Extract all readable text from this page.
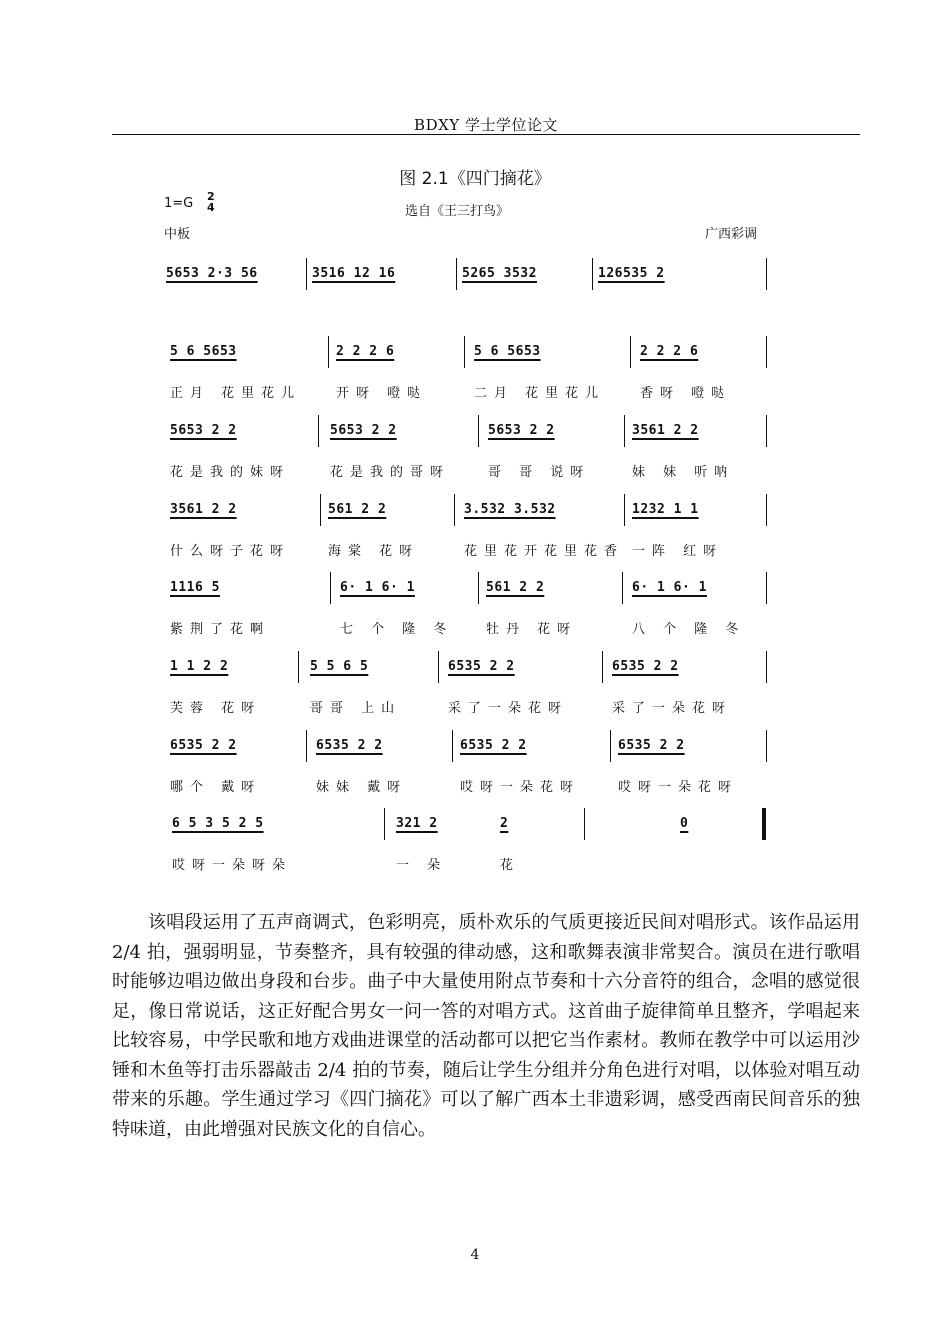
BDXY 学士学位论文
图 2.1《四门摘花》
1=G 2
4	选自《王三打鸟》
中板	广西彩调
5653 2·3 56	3516 12 16	5265 3532	126535 2
5 6 5653
正月 花里花儿
2 2 2 6
开呀 噔哒
5 6 5653
二月 花里花儿
2 2 2 6
香呀 噔哒
5653 2 2
花是我的妹呀
5653 2 2
花是我的哥呀
5653 2 2
哥 哥 说呀
3561 2 2
妹 妹 听呐
3561 2 2
什么呀子花呀
561 2 2
海棠 花呀
3.532 3.532
花里花开花里花香
1232 1 1
一阵 红呀
1116 5
紫荆了花啊
6· 1 6· 1
七 个 隆 冬
561 2 2
牡丹 花呀
6· 1 6· 1
八 个 隆 冬
1 1 2 2
芙蓉 花呀
5 5 6 5
哥哥 上山
6535 2 2
采了一朵花呀
6535 2 2
采了一朵花呀
6535 2 2
哪个 戴呀
6535 2 2
妹妹 戴呀
6535 2 2
哎呀一朵花呀
6535 2 2
哎呀一朵花呀
6 5 3 5 2 5
哎呀一朵呀朵
321 2
一 朵
2
花
0

该唱段运用了五声商调式，色彩明亮，质朴欢乐的气质更接近民间对唱形式。该作品运用 2/4 拍，强弱明显，节奏整齐，具有较强的律动感，这和歌舞表演非常契合。演员在进行歌唱时能够边唱边做出身段和台步。曲子中大量使用附点节奏和十六分音符的组合，念唱的感觉很足，像日常说话，这正好配合男女一问一答的对唱方式。这首曲子旋律简单且整齐，学唱起来比较容易，中学民歌和地方戏曲进课堂的活动都可以把它当作素材。教师在教学中可以运用沙锤和木鱼等打击乐器敲击 2/4 拍的节奏，随后让学生分组并分角色进行对唱，以体验对唱互动带来的乐趣。学生通过学习《四门摘花》可以了解广西本土非遗彩调，感受西南民间音乐的独特味道，由此增强对民族文化的自信心。

4
